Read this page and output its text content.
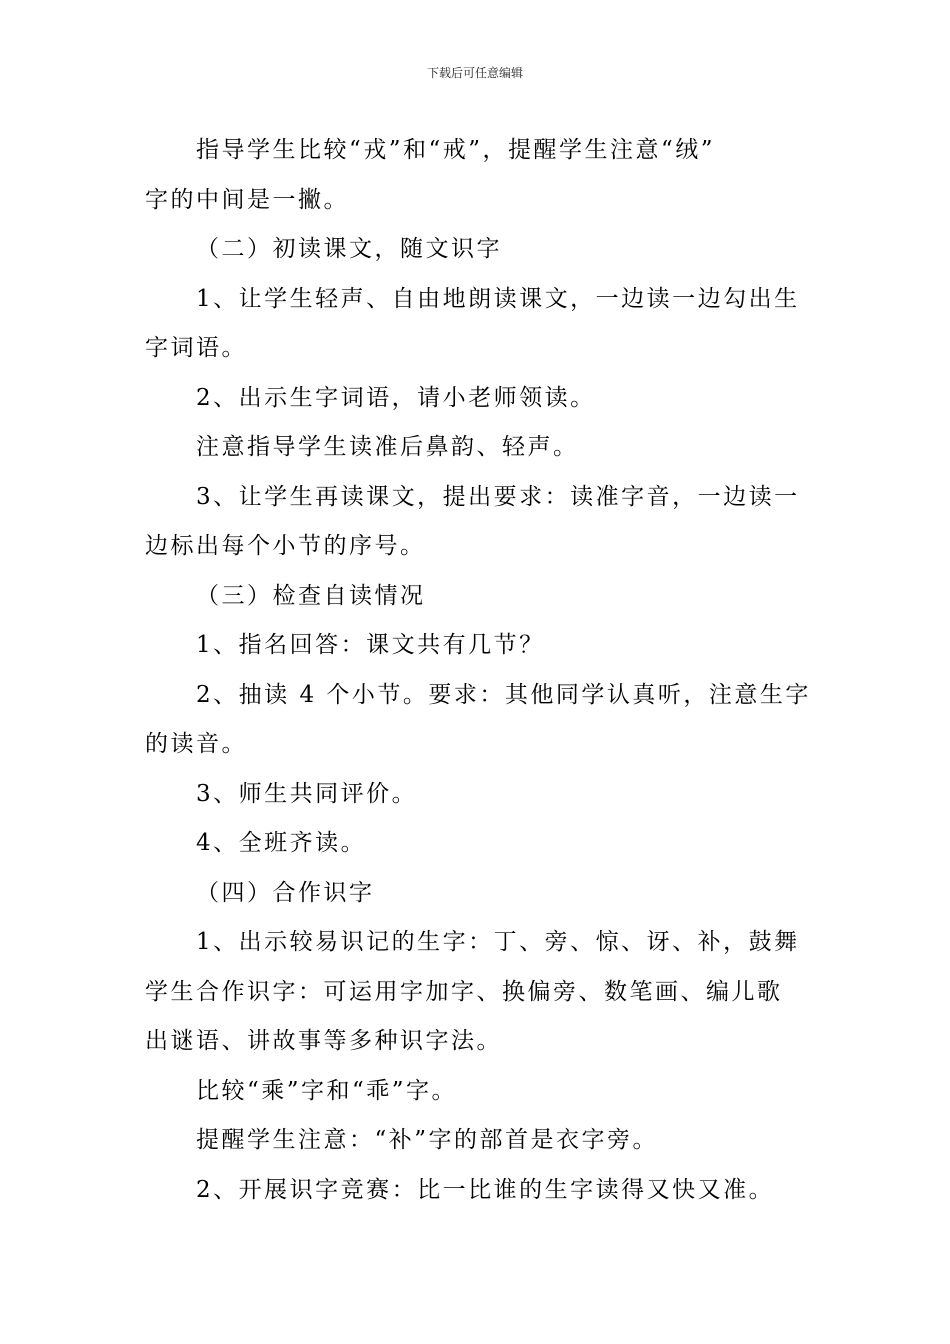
下载后可任意编辑
指导学生比较“戎”和“戒”，提醒学生注意“绒”
字的中间是一撇。
（二）初读课文，随文识字
1、让学生轻声、自由地朗读课文，一边读一边勾出生
字词语。
2、出示生字词语，请小老师领读。
注意指导学生读准后鼻韵、轻声。
3、让学生再读课文，提出要求：读准字音，一边读一
边标出每个小节的序号。
（三）检查自读情况
1、指名回答：课文共有几节？
2、抽读 4 个小节。要求：其他同学认真听，注意生字
的读音。
3、师生共同评价。
4、全班齐读。
（四）合作识字
1、出示较易识记的生字：丁、旁、惊、讶、补，鼓舞
学生合作识字：可运用字加字、换偏旁、数笔画、编儿歌
出谜语、讲故事等多种识字法。
比较“乘”字和“乖”字。
提醒学生注意：“补”字的部首是衣字旁。
2、开展识字竞赛：比一比谁的生字读得又快又准。
